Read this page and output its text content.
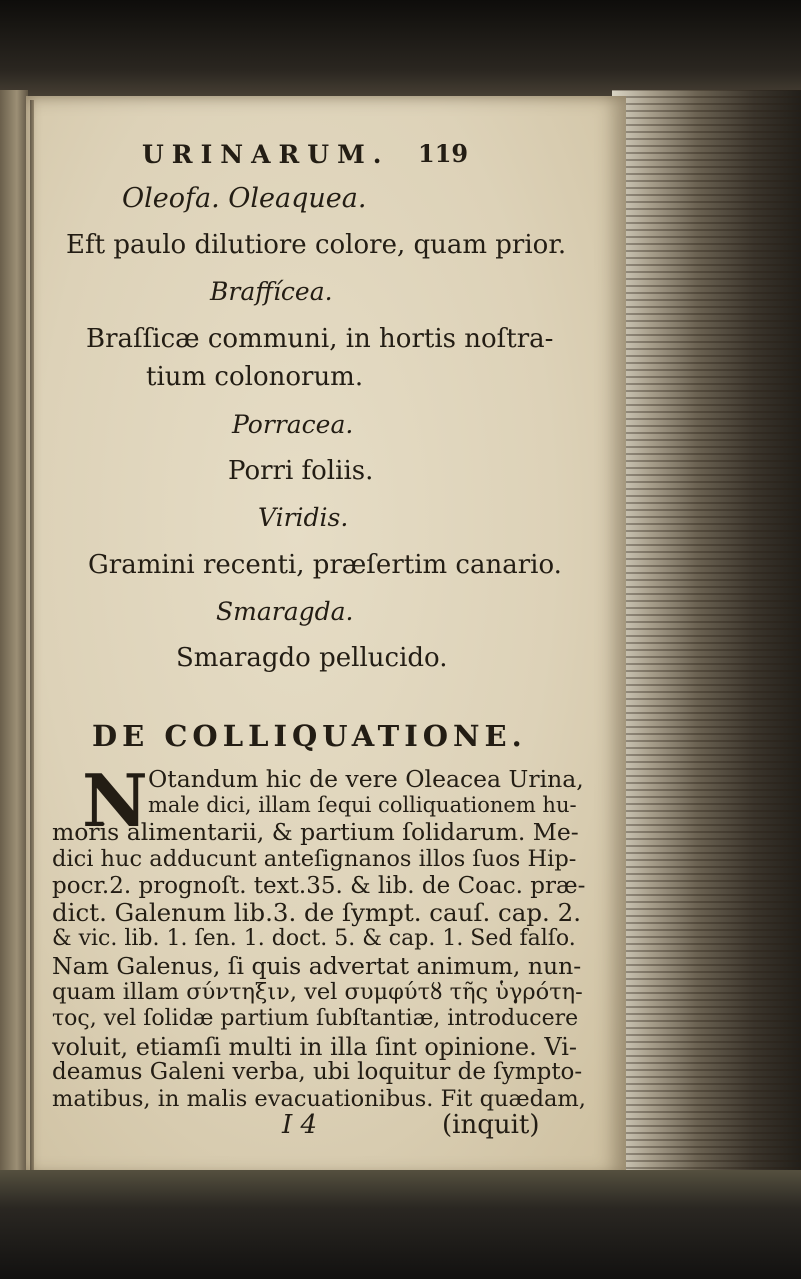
URINARUM. 119

Oleofa. Oleaquea.

Eft paulo dilutiore colore, quam prior.

Braffícea.

Braſſicæ communi, in hortis noſtra-

tium colonorum.

Porracea.

Porri foliis.

Viridis.

Gramini recenti, præſertim canario.

Smaragda.

Smaragdo pellucido.

DE COLLIQUATIONE.

N Otandum hic de vere Oleacea Urina,

male dici, illam ſequi colliquationem hu-

moris alimentarii, & partium ſolidarum. Me-

dici huc adducunt anteſignanos illos ſuos Hip-

pocr.2. prognoſt. text.35. & lib. de Coac. præ-

dict. Galenum lib.3. de ſympt. cauſ. cap. 2.

& vic. lib. 1. ſen. 1. doct. 5. & cap. 1. Sed falſo.

Nam Galenus, ſi quis advertat animum, nun-

quam illam σύντηξιν, vel συμφύτȣ τῆς ὑγρότη-

τος, vel ſolidæ partium ſubſtantiæ, introducere

voluit, etiamſi multi in illa ſint opinione. Vi-

deamus Galeni verba, ubi loquitur de ſympto-

matibus, in malis evacuationibus. Fit quædam,

I 4	(inquit)
